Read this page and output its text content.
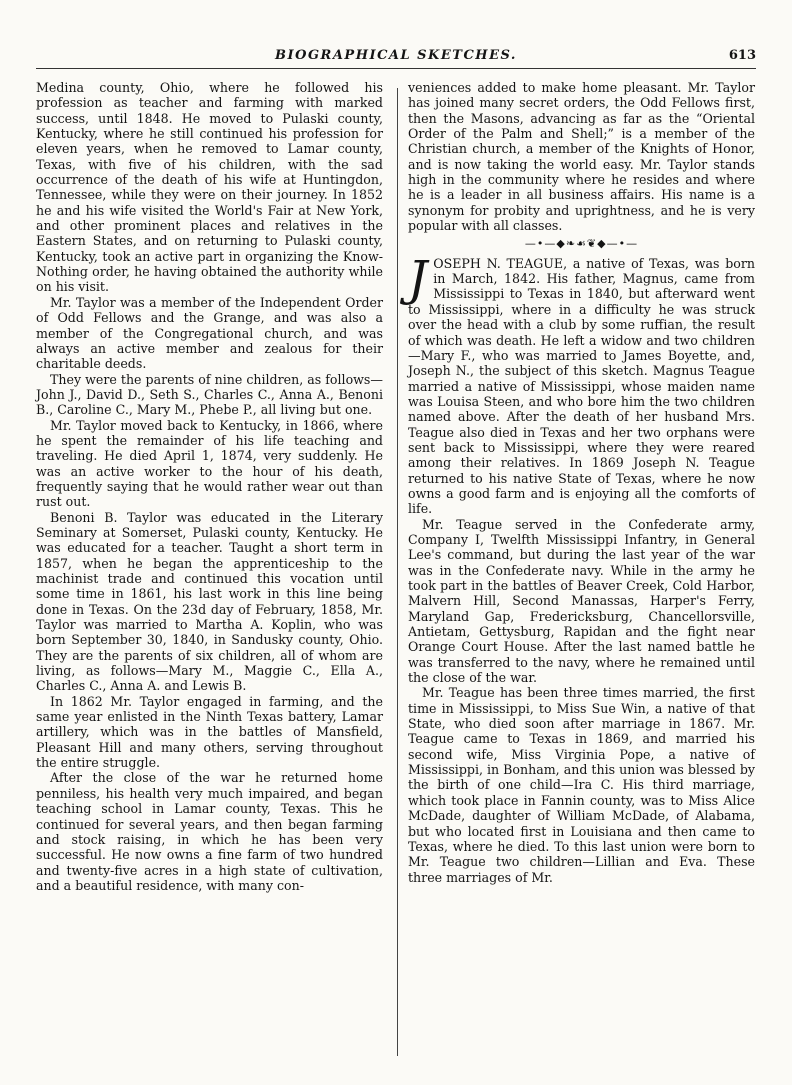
BIOGRAPHICAL SKETCHES.	613

Medina county, Ohio, where he followed his profession as teacher and farming with marked success, until 1848. He moved to Pulaski county, Kentucky, where he still continued his profession for eleven years, when he removed to Lamar county, Texas, with five of his children, with the sad occurrence of the death of his wife at Huntingdon, Tennessee, while they were on their journey. In 1852 he and his wife visited the World's Fair at New York, and other prominent places and relatives in the Eastern States, and on returning to Pulaski county, Kentucky, took an active part in organizing the Know-Nothing order, he having obtained the authority while on his visit.

Mr. Taylor was a member of the Independent Order of Odd Fellows and the Grange, and was also a member of the Congregational church, and was always an active member and zealous for their charitable deeds.

They were the parents of nine children, as follows—John J., David D., Seth S., Charles C., Anna A., Benoni B., Caroline C., Mary M., Phebe P., all living but one.

Mr. Taylor moved back to Kentucky, in 1866, where he spent the remainder of his life teaching and traveling. He died April 1, 1874, very suddenly. He was an active worker to the hour of his death, frequently saying that he would rather wear out than rust out.

Benoni B. Taylor was educated in the Literary Seminary at Somerset, Pulaski county, Kentucky. He was educated for a teacher. Taught a short term in 1857, when he began the apprenticeship to the machinist trade and continued this vocation until some time in 1861, his last work in this line being done in Texas. On the 23d day of February, 1858, Mr. Taylor was married to Martha A. Koplin, who was born September 30, 1840, in Sandusky county, Ohio. They are the parents of six children, all of whom are living, as follows—Mary M., Maggie C., Ella A., Charles C., Anna A. and Lewis B.

In 1862 Mr. Taylor engaged in farming, and the same year enlisted in the Ninth Texas battery, Lamar artillery, which was in the battles of Mansfield, Pleasant Hill and many others, serving throughout the entire struggle.

After the close of the war he returned home penniless, his health very much impaired, and began teaching school in Lamar county, Texas. This he continued for several years, and then began farming and stock raising, in which he has been very successful. He now owns a fine farm of two hundred and twenty-five acres in a high state of cultivation, and a beautiful residence, with many con-

veniences added to make home pleasant. Mr. Taylor has joined many secret orders, the Odd Fellows first, then the Masons, advancing as far as the “Oriental Order of the Palm and Shell;” is a member of the Christian church, a member of the Knights of Honor, and is now taking the world easy. Mr. Taylor stands high in the community where he resides and where he is a leader in all business affairs. His name is a synonym for probity and uprightness, and he is very popular with all classes.

—•—◆❧☙❦◆—•—

JOSEPH N. TEAGUE, a native of Texas, was born in March, 1842. His father, Magnus, came from Mississippi to Texas in 1840, but afterward went to Mississippi, where in a difficulty he was struck over the head with a club by some ruffian, the result of which was death. He left a widow and two children—Mary F., who was married to James Boyette, and, Joseph N., the subject of this sketch. Magnus Teague married a native of Mississippi, whose maiden name was Louisa Steen, and who bore him the two children named above. After the death of her husband Mrs. Teague also died in Texas and her two orphans were sent back to Mississippi, where they were reared among their relatives. In 1869 Joseph N. Teague returned to his native State of Texas, where he now owns a good farm and is enjoying all the comforts of life.

Mr. Teague served in the Confederate army, Company I, Twelfth Mississippi Infantry, in General Lee's command, but during the last year of the war was in the Confederate navy. While in the army he took part in the battles of Beaver Creek, Cold Harbor, Malvern Hill, Second Manassas, Harper's Ferry, Maryland Gap, Fredericksburg, Chancellorsville, Antietam, Gettysburg, Rapidan and the fight near Orange Court House. After the last named battle he was transferred to the navy, where he remained until the close of the war.

Mr. Teague has been three times married, the first time in Mississippi, to Miss Sue Win, a native of that State, who died soon after marriage in 1867. Mr. Teague came to Texas in 1869, and married his second wife, Miss Virginia Pope, a native of Mississippi, in Bonham, and this union was blessed by the birth of one child—Ira C. His third marriage, which took place in Fannin county, was to Miss Alice McDade, daughter of William McDade, of Alabama, but who located first in Louisiana and then came to Texas, where he died. To this last union were born to Mr. Teague two children—Lillian and Eva. These three marriages of Mr.
